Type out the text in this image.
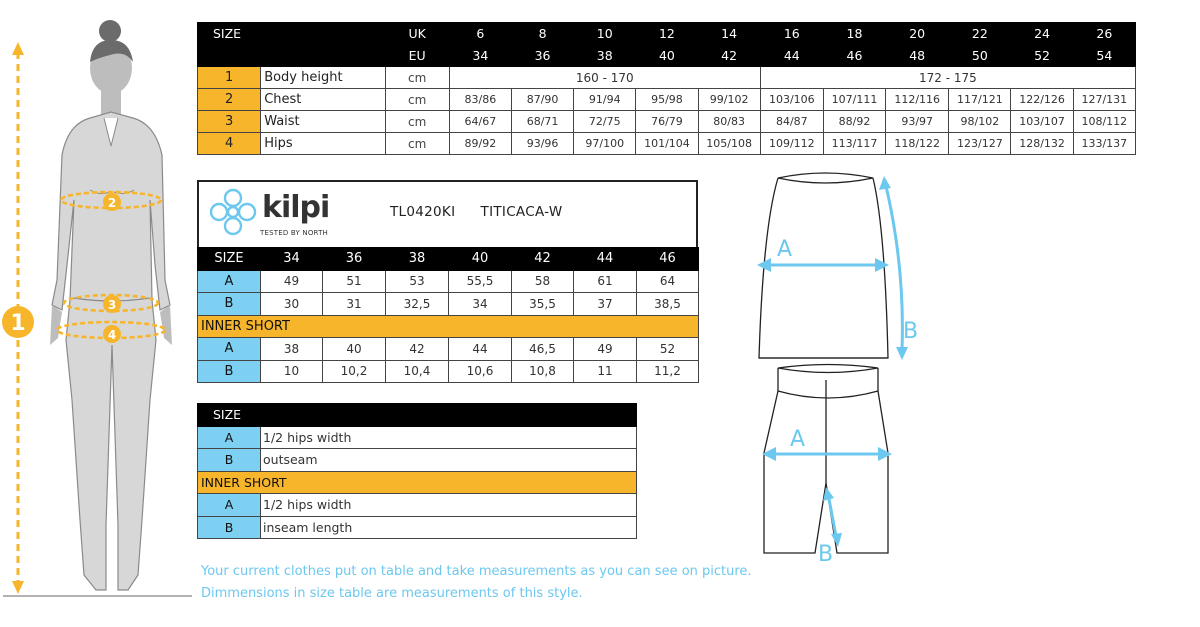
1
2
3
4
SIZE		UK	6	8	10	12	14	16	18	20	22	24	26
		EU	34	36	38	40	42	44	46	48	50	52	54
1	Body height	cm	160 - 170					172 - 175					
2	Chest	cm	83/86	87/90	91/94	95/98	99/102	103/106	107/111	112/116	117/121	122/126	127/131
3	Waist	cm	64/67	68/71	72/75	76/79	80/83	84/87	88/92	93/97	98/102	103/107	108/112
4	Hips	cm	89/92	93/96	97/100	101/104	105/108	109/112	113/117	118/122	123/127	128/132	133/137
kilpi
TESTED BY NORTH
TL0420KI TITICACA-W
SIZE	34	36	38	40	42	44	46
A	49	51	53	55,5	58	61	64
B	30	31	32,5	34	35,5	37	38,5
INNER SHORT							
A	38	40	42	44	46,5	49	52
B	10	10,2	10,4	10,6	10,8	11	11,2
SIZE	
A	1/2 hips width
B	outseam
INNER SHORT	
A	1/2 hips width
B	inseam length
A
B
A
B
Your current clothes put on table and take measurements as you can see on picture.
Dimmensions in size table are measurements of this style.
